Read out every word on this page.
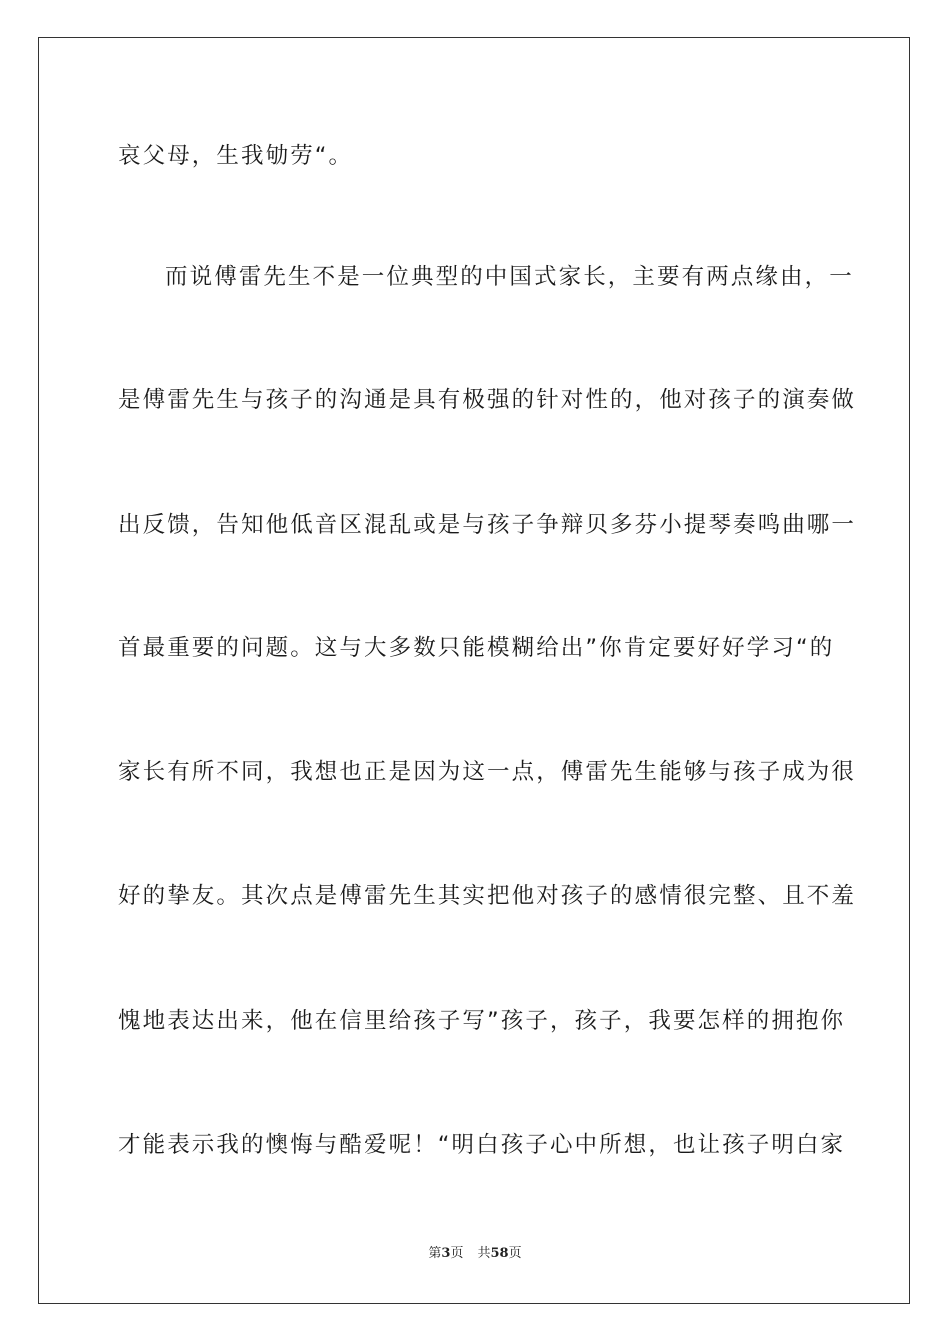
哀父母，生我劬劳“。
而说傅雷先生不是一位典型的中国式家长，主要有两点缘由，一
是傅雷先生与孩子的沟通是具有极强的针对性的，他对孩子的演奏做
出反馈，告知他低音区混乱或是与孩子争辩贝多芬小提琴奏鸣曲哪一
首最重要的问题。这与大多数只能模糊给出”你肯定要好好学习“的
家长有所不同，我想也正是因为这一点，傅雷先生能够与孩子成为很
好的挚友。其次点是傅雷先生其实把他对孩子的感情很完整、且不羞
愧地表达出来，他在信里给孩子写”孩子，孩子，我要怎样的拥抱你
才能表示我的懊悔与酷爱呢！“明白孩子心中所想，也让孩子明白家
第3页 共58页
